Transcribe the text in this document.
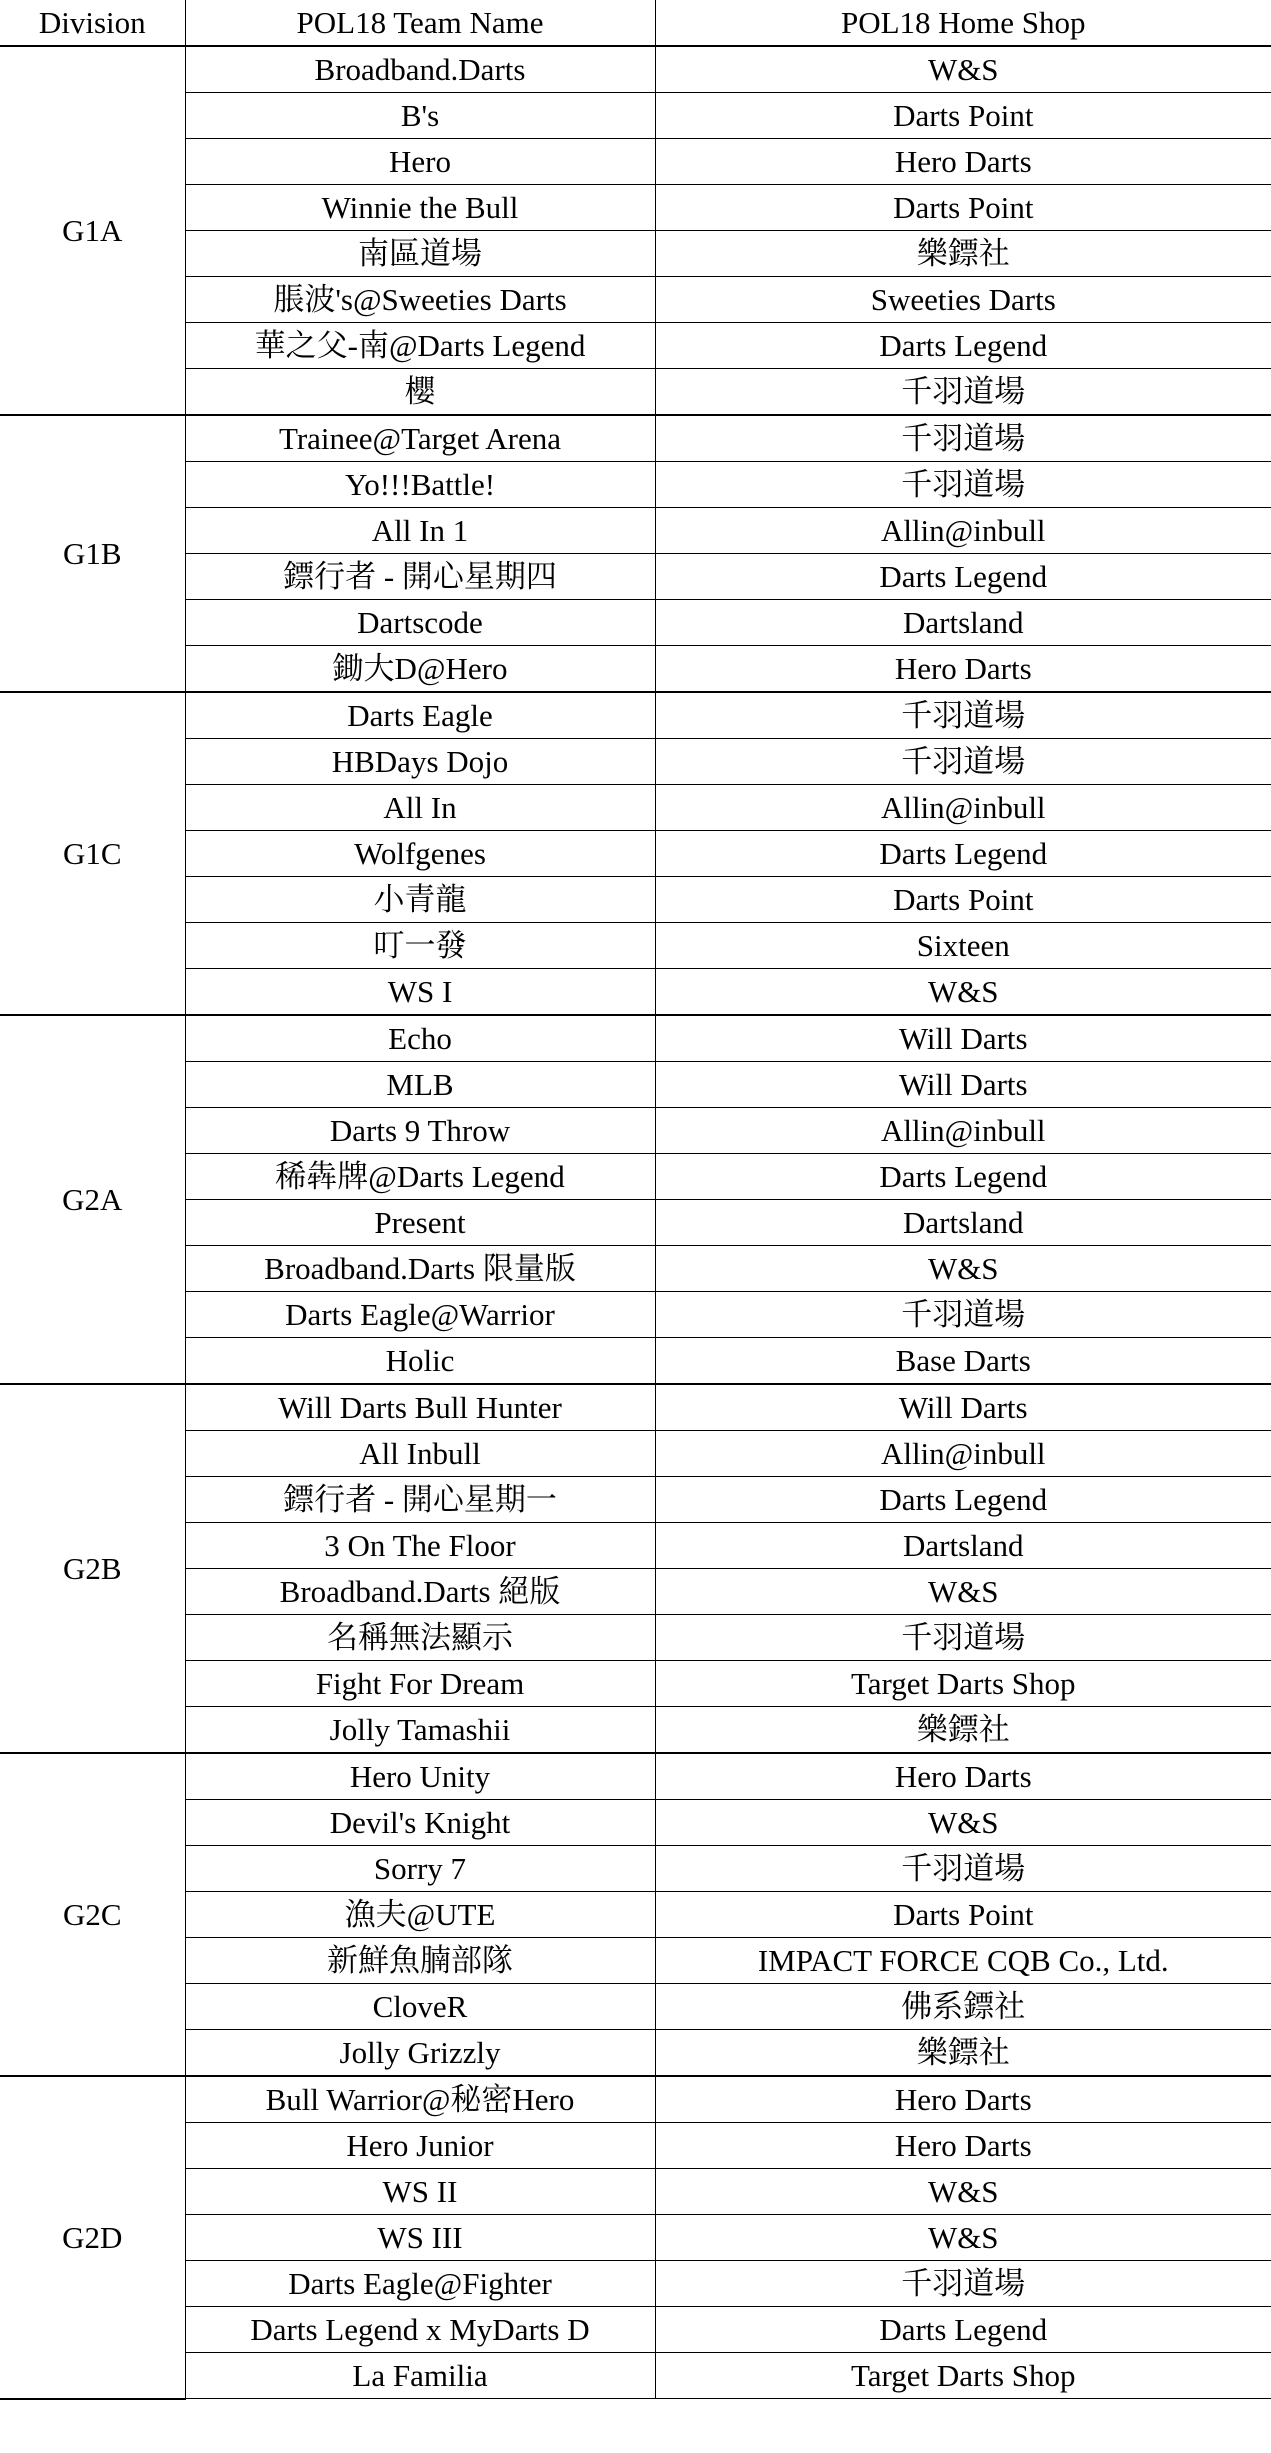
Division	POL18 Team Name	POL18 Home Shop
G1A	Broadband.Darts	W&S
	B's	Darts Point
	Hero	Hero Darts
	Winnie the Bull	Darts Point
	南區道場	樂鏢社
	脹波's@Sweeties Darts	Sweeties Darts
	華之父-南@Darts Legend	Darts Legend
	櫻	千羽道場
G1B	Trainee@Target Arena	千羽道場
	Yo!!!Battle!	千羽道場
	All In 1	Allin@inbull
	鏢行者 - 開心星期四	Darts Legend
	Dartscode	Dartsland
	鋤大D@Hero	Hero Darts
G1C	Darts Eagle	千羽道場
	HBDays Dojo	千羽道場
	All In	Allin@inbull
	Wolfgenes	Darts Legend
	小青龍	Darts Point
	叮一發	Sixteen
	WS I	W&S
G2A	Echo	Will Darts
	MLB	Will Darts
	Darts 9 Throw	Allin@inbull
	稀犇牌@Darts Legend	Darts Legend
	Present	Dartsland
	Broadband.Darts 限量版	W&S
	Darts Eagle@Warrior	千羽道場
	Holic	Base Darts
G2B	Will Darts Bull Hunter	Will Darts
	All Inbull	Allin@inbull
	鏢行者 - 開心星期一	Darts Legend
	3 On The Floor	Dartsland
	Broadband.Darts 絕版	W&S
	名稱無法顯示	千羽道場
	Fight For Dream	Target Darts Shop
	Jolly Tamashii	樂鏢社
G2C	Hero Unity	Hero Darts
	Devil's Knight	W&S
	Sorry 7	千羽道場
	漁夫@UTE	Darts Point
	新鮮魚腩部隊	IMPACT FORCE CQB Co., Ltd.
	CloveR	佛系鏢社
	Jolly Grizzly	樂鏢社
G2D	Bull Warrior@秘密Hero	Hero Darts
	Hero Junior	Hero Darts
	WS II	W&S
	WS III	W&S
	Darts Eagle@Fighter	千羽道場
	Darts Legend x MyDarts D	Darts Legend
	La Familia	Target Darts Shop
